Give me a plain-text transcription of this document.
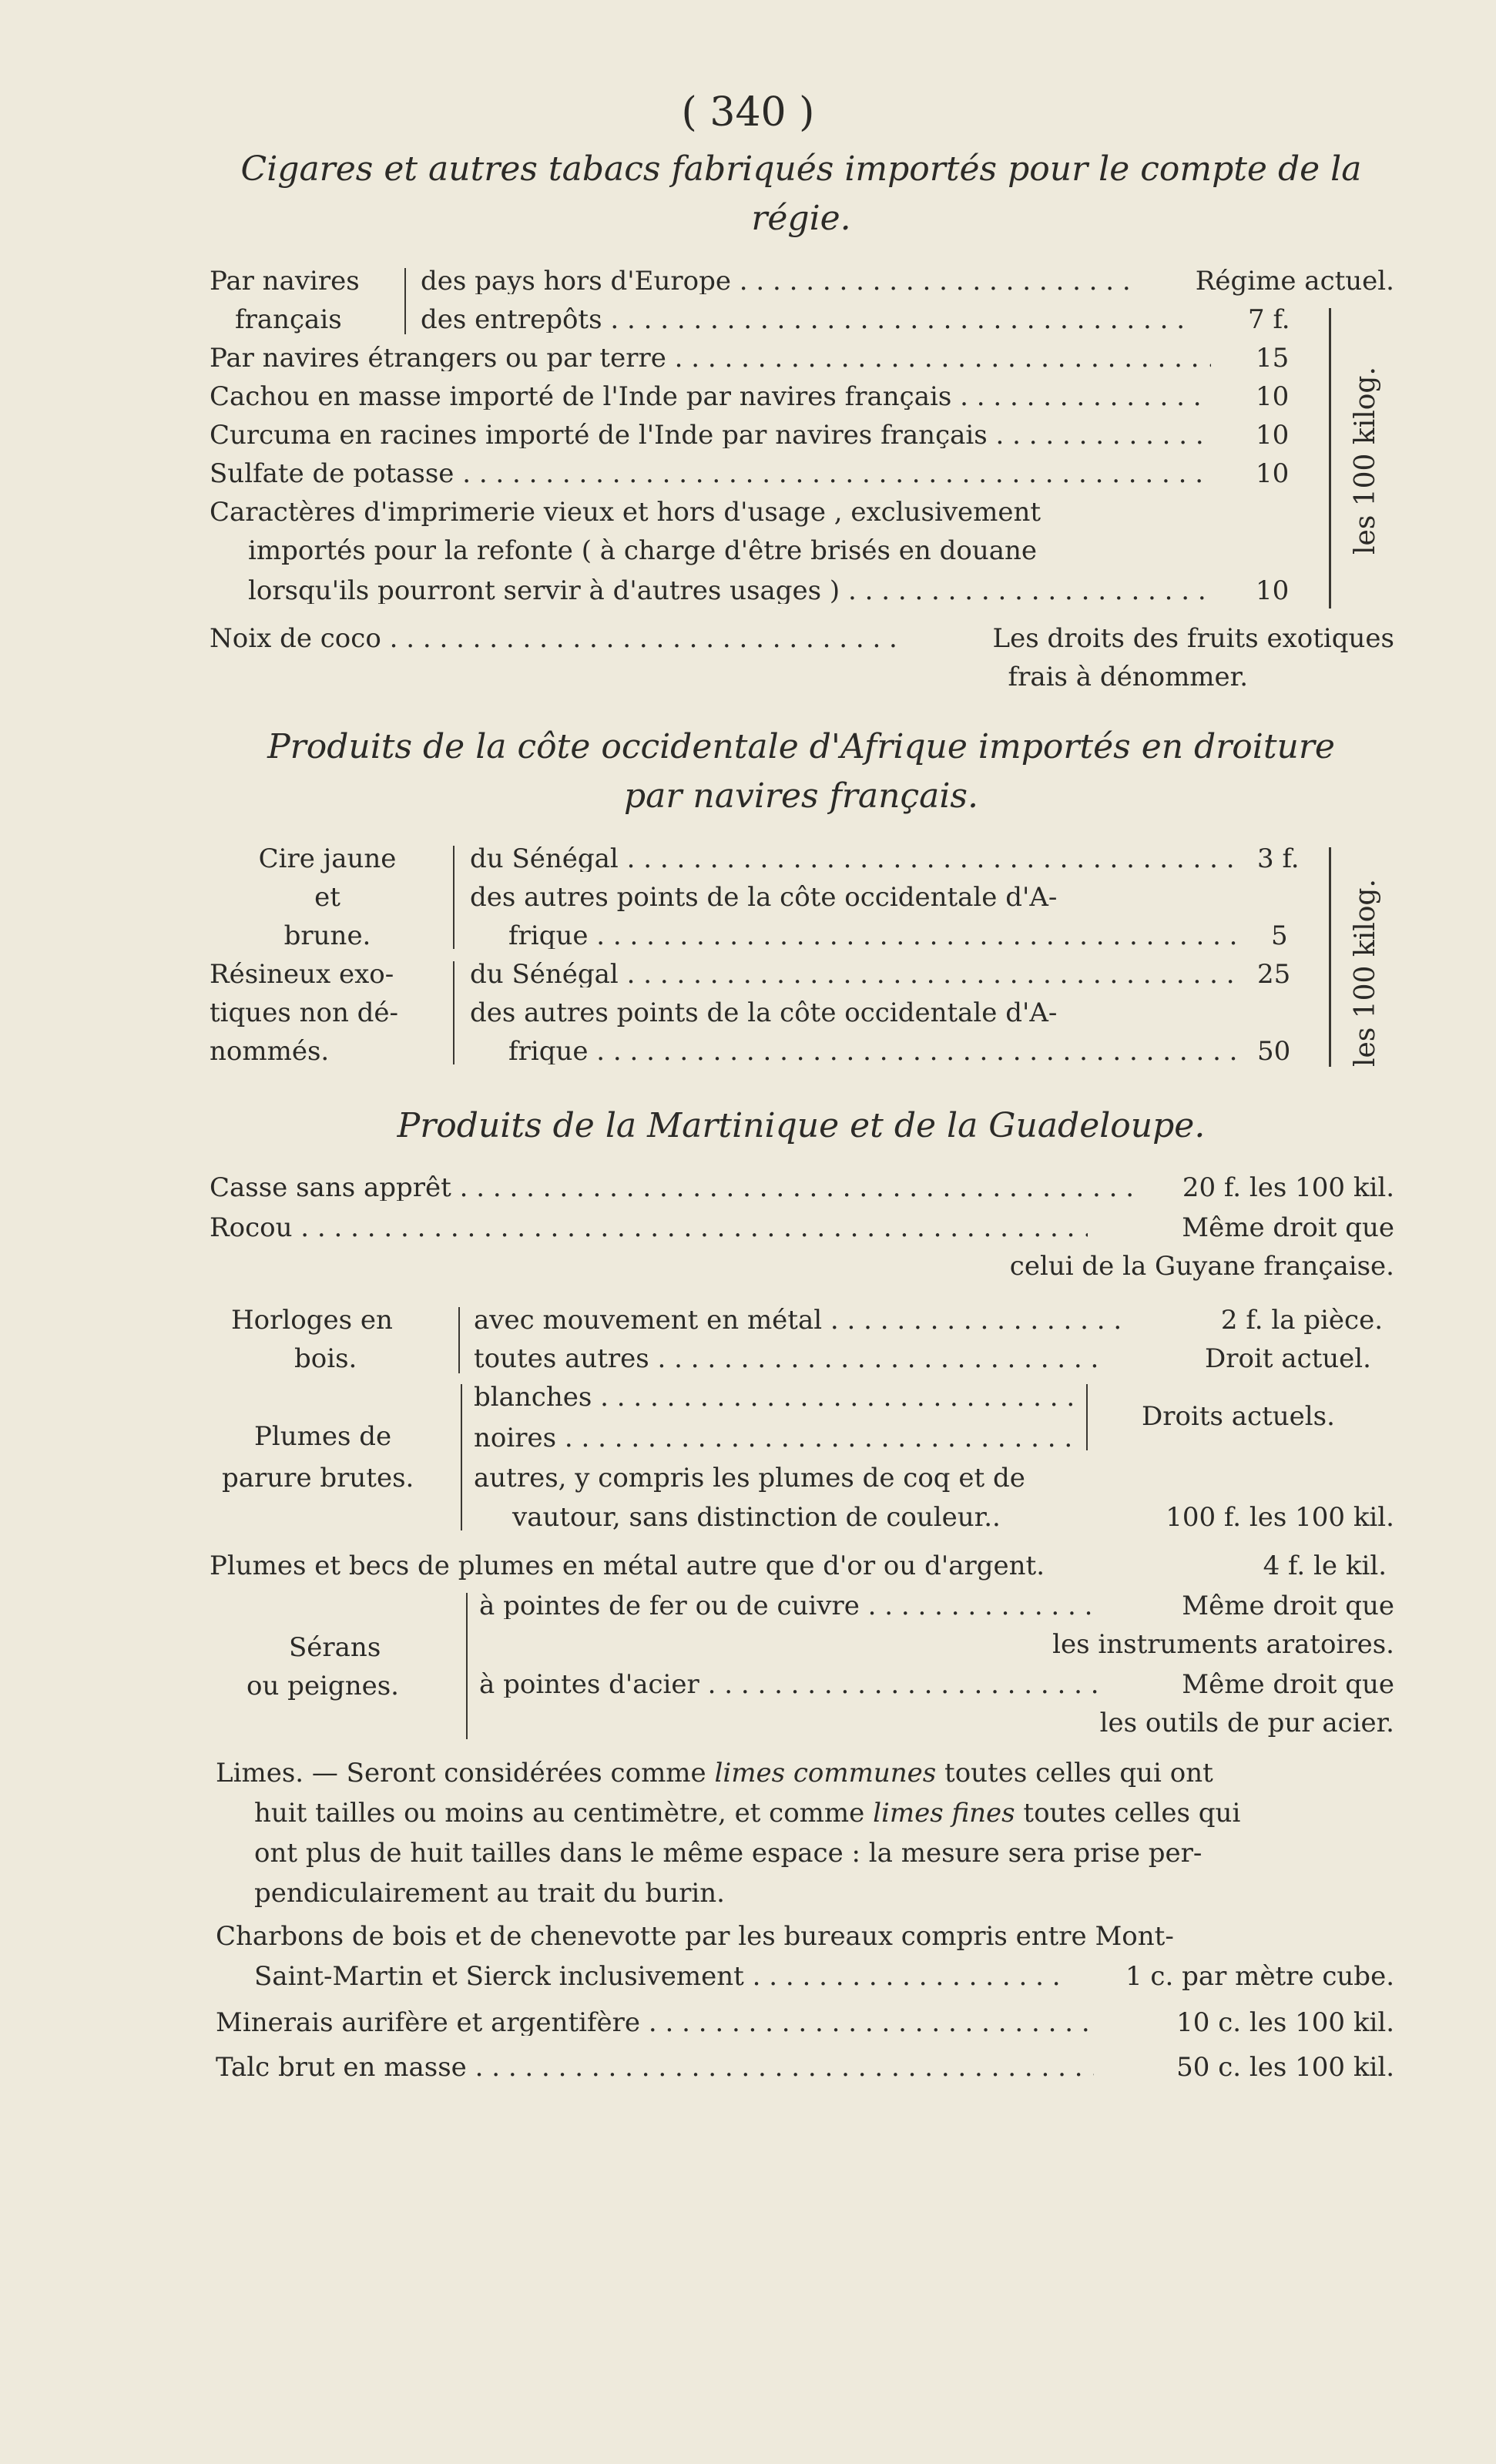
( 340 )
Cigares et autres tabacs fabriqués importés pour le compte de la
régie.
Par navires
français
des pays hors d'Europe . . .	Régime actuel.
des entrepôts . . .	7 f.
Par navires étrangers ou par terre . . .	15
Cachou en masse importé de l'Inde par navires français . . .	10
Curcuma en racines importé de l'Inde par navires français . . .	10
Sulfate de potasse . . .	10
Caractères d'imprimerie vieux et hors d'usage , exclusivement
importés pour la refonte ( à charge d'être brisés en douane
lorsqu'ils pourront servir à d'autres usages ) . . .	10
les 100 kilog.
Noix de coco . . .	Les droits des fruits exotiques
frais à dénommer.
Produits de la côte occidentale d'Afrique importés en droiture
par navires français.
Cire jaune
et
brune.
du Sénégal . . .	3 f.
des autres points de la côte occidentale d'A-
frique . . .	5
Résineux exo-
tiques non dé-
nommés.
du Sénégal . . .	25
des autres points de la côte occidentale d'A-
frique . . .	50 les 100 kilog.
Produits de la Martinique et de la Guadeloupe.
Casse sans apprêt . . .	20 f. les 100 kil.
Rocou . . .	Même droit que
celui de la Guyane française.
Horloges en
bois.
avec mouvement en métal . . .	2 f. la pièce.
toutes autres . . .	Droit actuel.
Plumes de
parure brutes.
blanches . . .
noires . . .
Droits actuels.
autres, y compris les plumes de coq et de
vautour, sans distinction de couleur..	100 f. les 100 kil.
Plumes et becs de plumes en métal autre que d'or ou d'argent.	4 f. le kil.
Sérans
ou peignes.
à pointes de fer ou de cuivre . . .	Même droit que
les instruments aratoires.
à pointes d'acier . . .	Même droit que
les outils de pur acier.
Limes. — Seront considérées comme limes communes toutes celles qui ont
huit tailles ou moins au centimètre, et comme limes fines toutes celles qui
ont plus de huit tailles dans le même espace : la mesure sera prise per-
pendiculairement au trait du burin.
Charbons de bois et de chenevotte par les bureaux compris entre Mont-
Saint-Martin et Sierck inclusivement . . .	1 c. par mètre cube.
Minerais aurifère et argentifère . . .	10 c. les 100 kil.
Talc brut en masse . . .	50 c. les 100 kil.
